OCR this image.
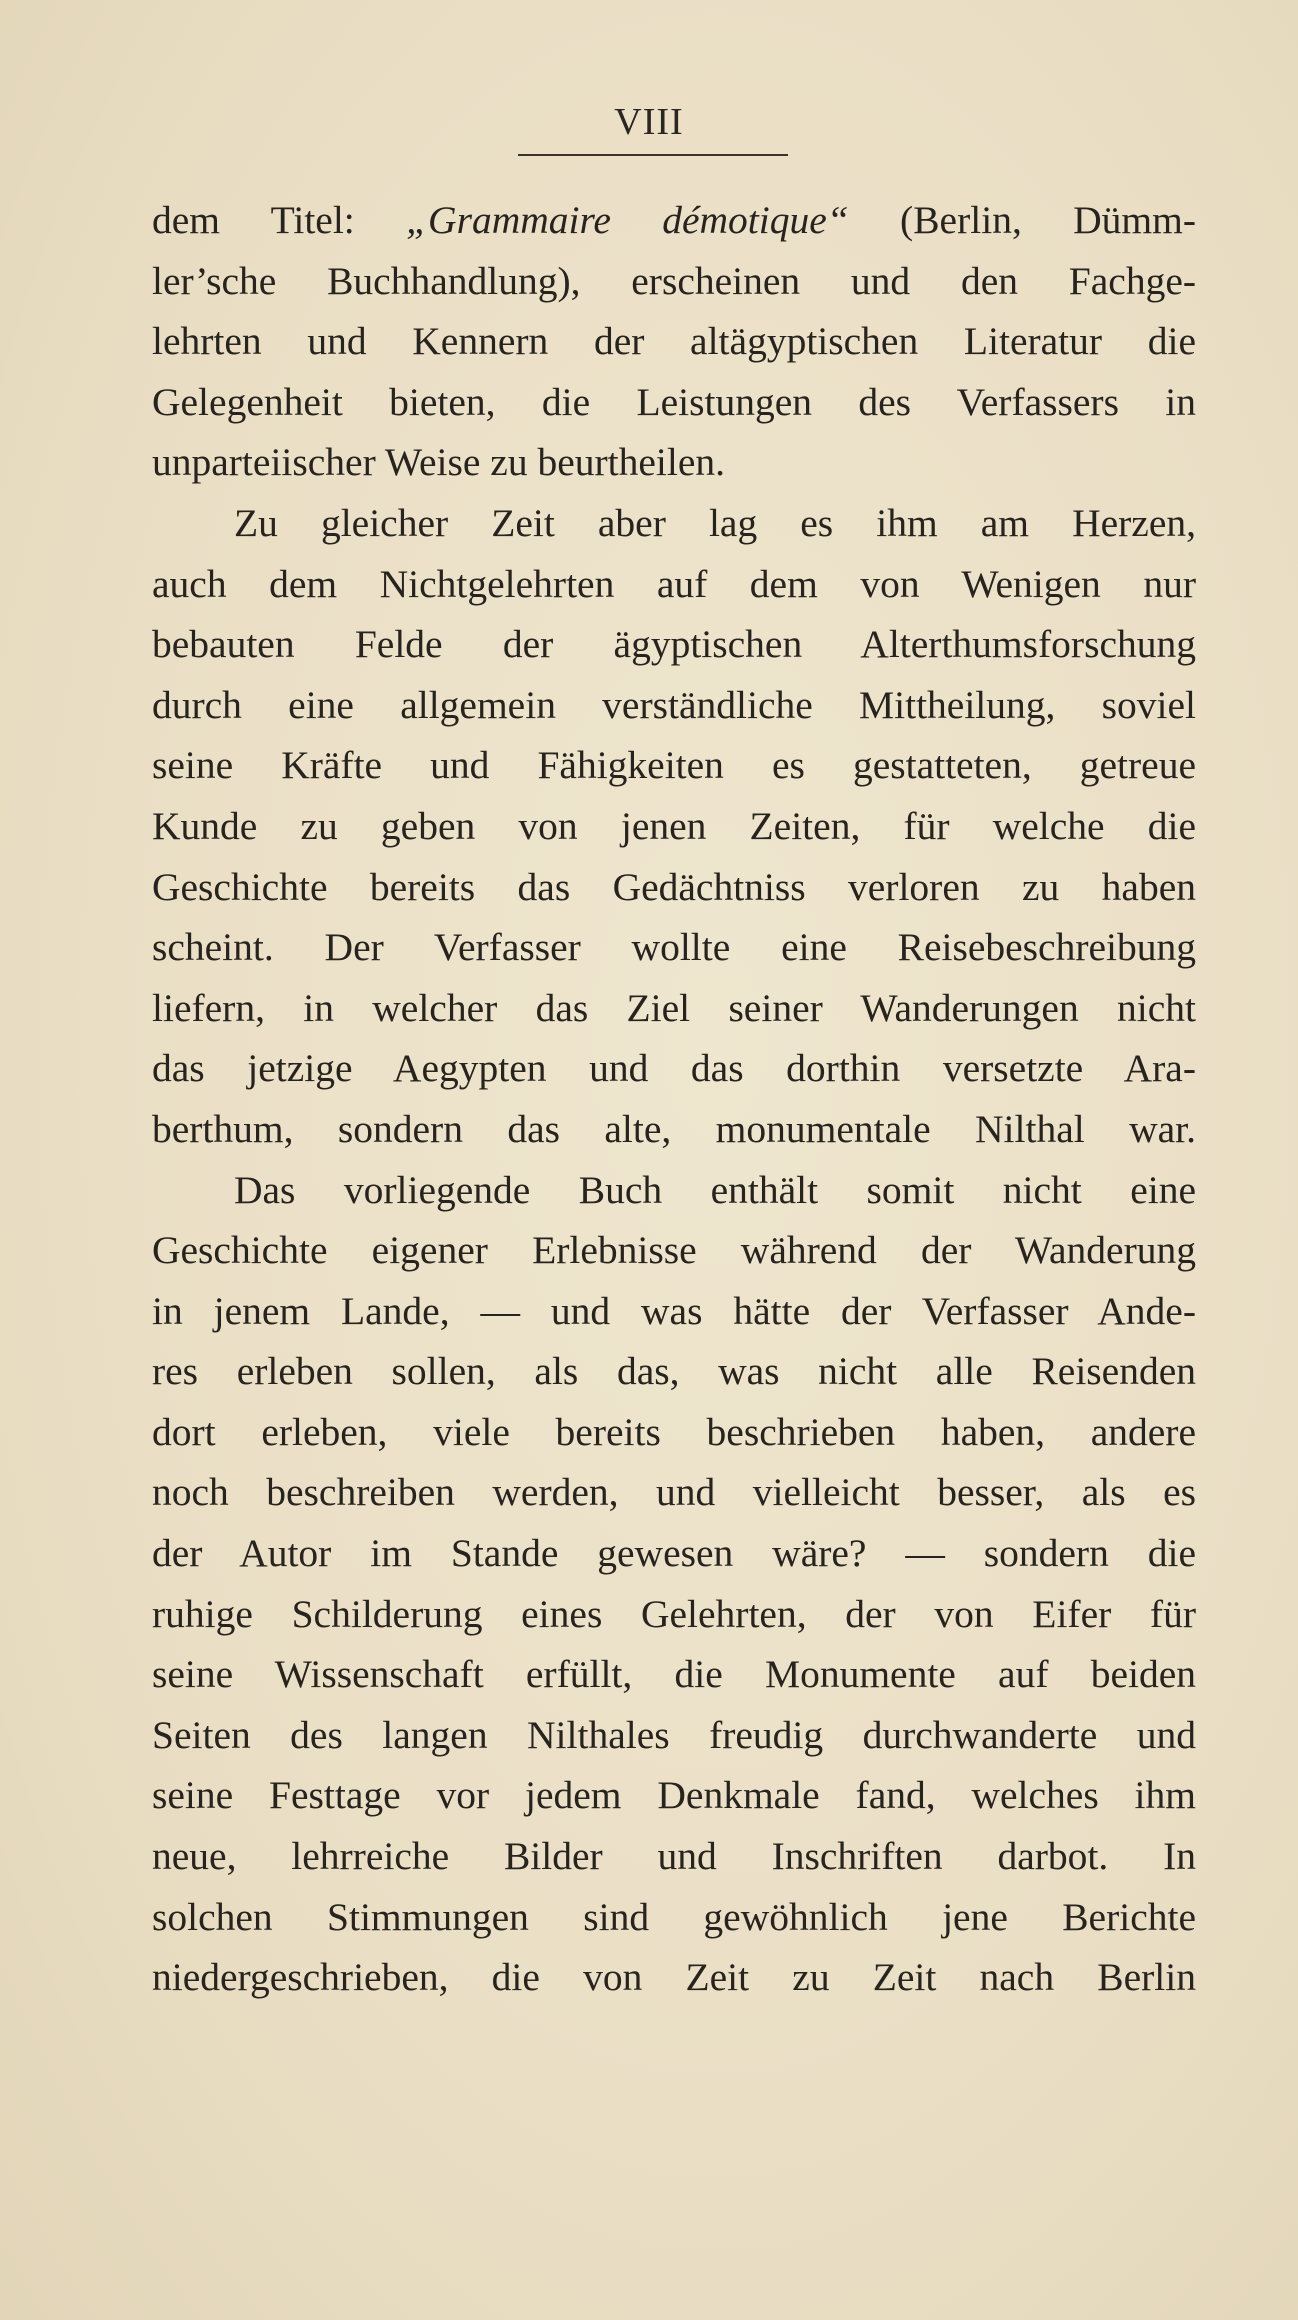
VIII
dem Titel: „Grammaire démotique“ (Berlin, Dümm-
ler’sche Buchhandlung), erscheinen und den Fachge-
lehrten und Kennern der altägyptischen Literatur die
Gelegenheit bieten, die Leistungen des Verfassers in
unparteiischer Weise zu beurtheilen.
Zu gleicher Zeit aber lag es ihm am Herzen,
auch dem Nichtgelehrten auf dem von Wenigen nur
bebauten Felde der ägyptischen Alterthumsforschung
durch eine allgemein verständliche Mittheilung, soviel
seine Kräfte und Fähigkeiten es gestatteten, getreue
Kunde zu geben von jenen Zeiten, für welche die
Geschichte bereits das Gedächtniss verloren zu haben
scheint. Der Verfasser wollte eine Reisebeschreibung
liefern, in welcher das Ziel seiner Wanderungen nicht
das jetzige Aegypten und das dorthin versetzte Ara-
berthum, sondern das alte, monumentale Nilthal war.
Das vorliegende Buch enthält somit nicht eine
Geschichte eigener Erlebnisse während der Wanderung
in jenem Lande, — und was hätte der Verfasser Ande-
res erleben sollen, als das, was nicht alle Reisenden
dort erleben, viele bereits beschrieben haben, andere
noch beschreiben werden, und vielleicht besser, als es
der Autor im Stande gewesen wäre? — sondern die
ruhige Schilderung eines Gelehrten, der von Eifer für
seine Wissenschaft erfüllt, die Monumente auf beiden
Seiten des langen Nilthales freudig durchwanderte und
seine Festtage vor jedem Denkmale fand, welches ihm
neue, lehrreiche Bilder und Inschriften darbot. In
solchen Stimmungen sind gewöhnlich jene Berichte
niedergeschrieben, die von Zeit zu Zeit nach Berlin
